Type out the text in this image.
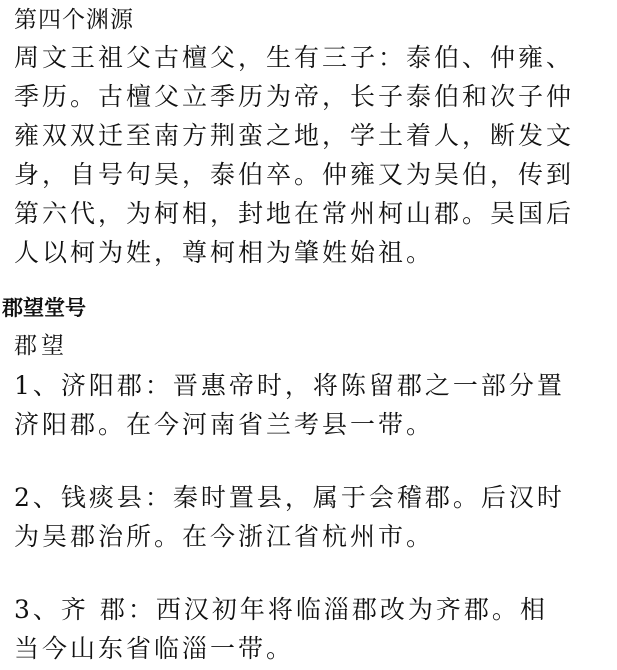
第四个渊源
周文王祖父古檀父，生有三子：泰伯、仲雍、
季历。古檀父立季历为帝，长子泰伯和次子仲
雍双双迁至南方荆蛮之地，学土着人，断发文
身，自号句吴，泰伯卒。仲雍又为吴伯，传到
第六代，为柯相，封地在常州柯山郡。吴国后
人以柯为姓，尊柯相为肇姓始祖。
郡望堂号
郡望
1、济阳郡：晋惠帝时，将陈留郡之一部分置
济阳郡。在今河南省兰考县一带。
2、钱痰县：秦时置县，属于会稽郡。后汉时
为吴郡治所。在今浙江省杭州市。
3、齐 郡：西汉初年将临淄郡改为齐郡。相
当今山东省临淄一带。
